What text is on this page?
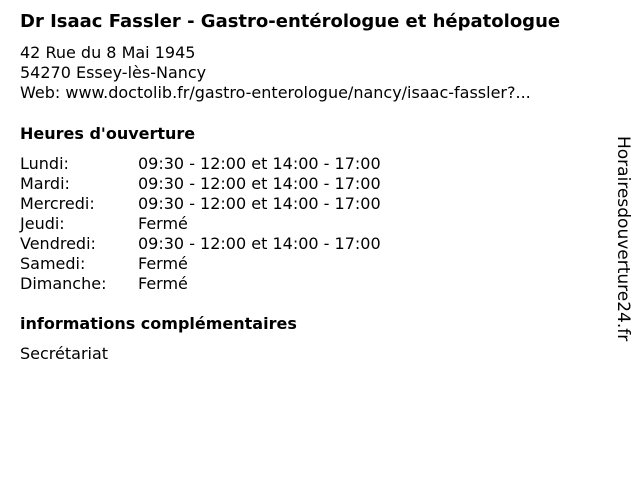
Dr Isaac Fassler - Gastro-entérologue et hépatologue
42 Rue du 8 Mai 1945
54270 Essey-lès-Nancy
Web: www.doctolib.fr/gastro-enterologue/nancy/isaac-fassler?...
Heures d'ouverture
Lundi:	09:30 - 12:00 et 14:00 - 17:00
Mardi:	09:30 - 12:00 et 14:00 - 17:00
Mercredi:	09:30 - 12:00 et 14:00 - 17:00
Jeudi:	Fermé
Vendredi:	09:30 - 12:00 et 14:00 - 17:00
Samedi:	Fermé
Dimanche:	Fermé
informations complémentaires
Secrétariat
Horairesdouverture24.fr
